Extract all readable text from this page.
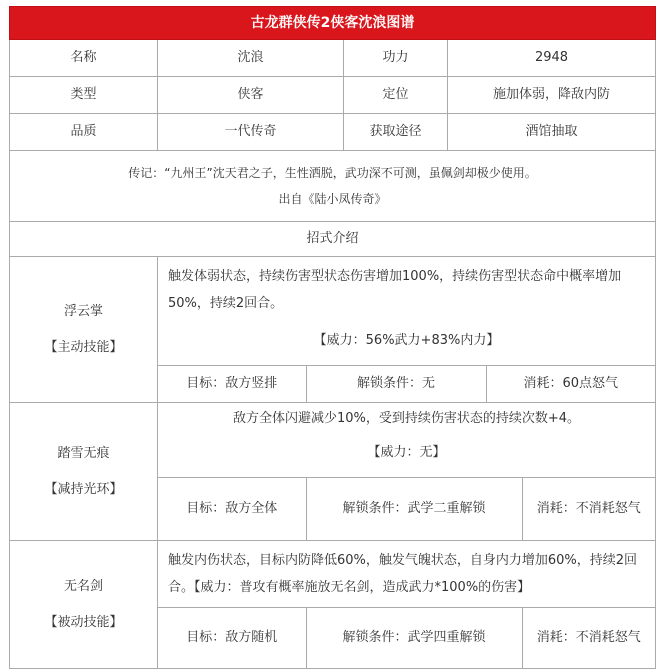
古龙群侠传2侠客沈浪图谱
名称	沈浪	功力	2948
类型	侠客	定位	施加体弱，降敌内防
品质	一代传奇	获取途径	酒馆抽取

传记：“九州王”沈天君之子，生性洒脱，武功深不可测，虽佩剑却极少使用。
出自《陆小凤传奇》

招式介绍

浮云掌
【主动技能】

触发体弱状态，持续伤害型状态伤害增加100%，持续伤害型状态命中概率增加50%，持续2回合。
【威力：56%武力+83%内力】
目标：敌方竖排	解锁条件：无	消耗：60点怒气

踏雪无痕
【减持光环】

敌方全体闪避减少10%，受到持续伤害状态的持续次数+4。
【威力：无】
目标：敌方全体	解锁条件：武学二重解锁	消耗：不消耗怒气

无名剑
【被动技能】

触发内伤状态，目标内防降低60%，触发气魄状态，自身内力增加60%，持续2回合。【威力：普攻有概率施放无名剑，造成武力*100%的伤害】
目标：敌方随机	解锁条件：武学四重解锁	消耗：不消耗怒气
